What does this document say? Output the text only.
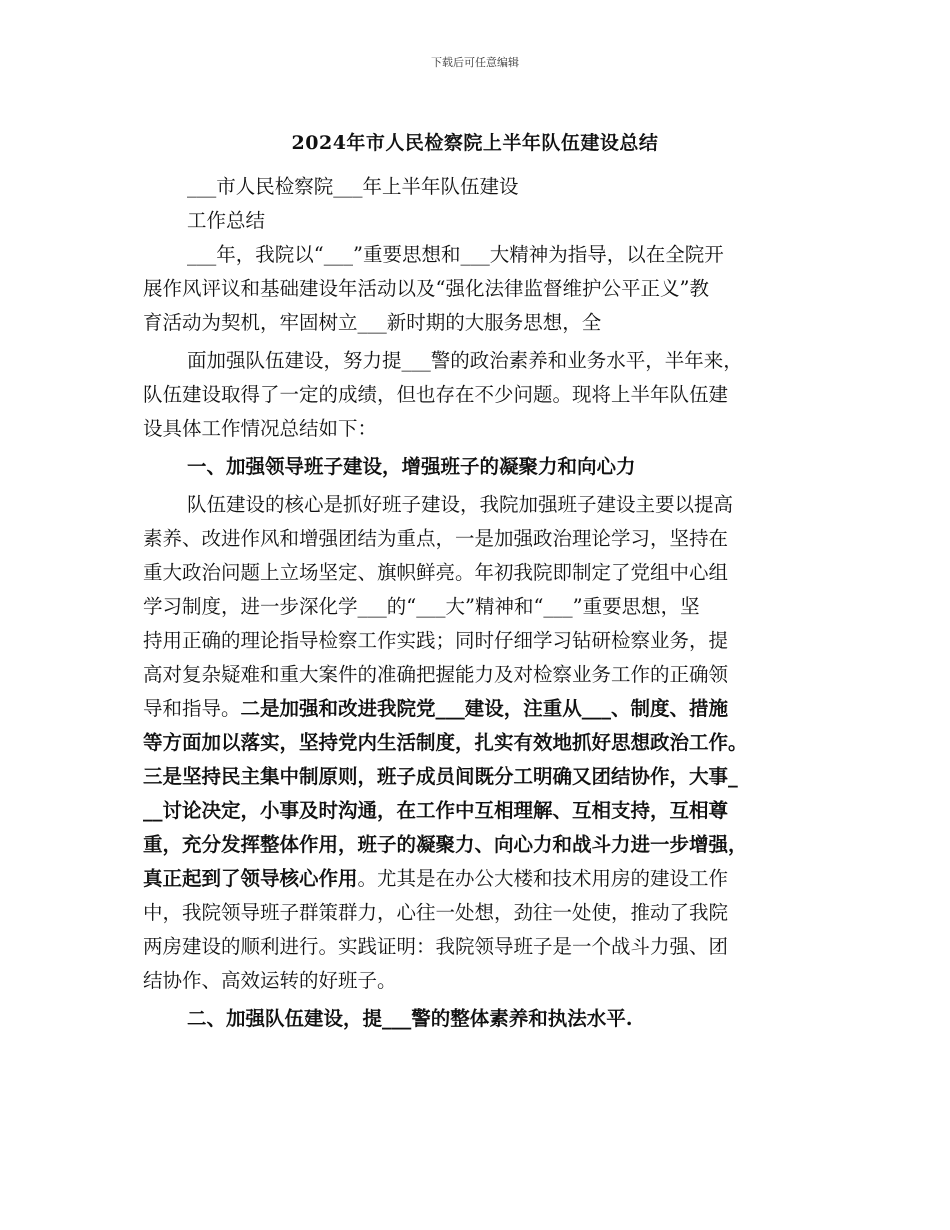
下载后可任意编辑
2024年市人民检察院上半年队伍建设总结
___市人民检察院___年上半年队伍建设
工作总结
___年，我院以“___”重要思想和___大精神为指导，以在全院开
展作风评议和基础建设年活动以及“强化法律监督维护公平正义”教
育活动为契机，牢固树立___新时期的大服务思想，全
面加强队伍建设，努力提___警的政治素养和业务水平，半年来，
队伍建设取得了一定的成绩，但也存在不少问题。现将上半年队伍建
设具体工作情况总结如下：
一、加强领导班子建设，增强班子的凝聚力和向心力
队伍建设的核心是抓好班子建设，我院加强班子建设主要以提高
素养、改进作风和增强团结为重点，一是加强政治理论学习，坚持在
重大政治问题上立场坚定、旗帜鲜亮。年初我院即制定了党组中心组
学习制度，进一步深化学___的“___大”精神和“___”重要思想，坚
持用正确的理论指导检察工作实践；同时仔细学习钻研检察业务，提
高对复杂疑难和重大案件的准确把握能力及对检察业务工作的正确领
导和指导。二是加强和改进我院党___建设，注重从___、制度、措施
等方面加以落实，坚持党内生活制度，扎实有效地抓好思想政治工作。
三是坚持民主集中制原则，班子成员间既分工明确又团结协作，大事_
__讨论决定，小事及时沟通，在工作中互相理解、互相支持，互相尊
重，充分发挥整体作用，班子的凝聚力、向心力和战斗力进一步增强，
真正起到了领导核心作用。尤其是在办公大楼和技术用房的建设工作
中，我院领导班子群策群力，心往一处想，劲往一处使，推动了我院
两房建设的顺利进行。实践证明：我院领导班子是一个战斗力强、团
结协作、高效运转的好班子。
二、加强队伍建设，提___警的整体素养和执法水平.
